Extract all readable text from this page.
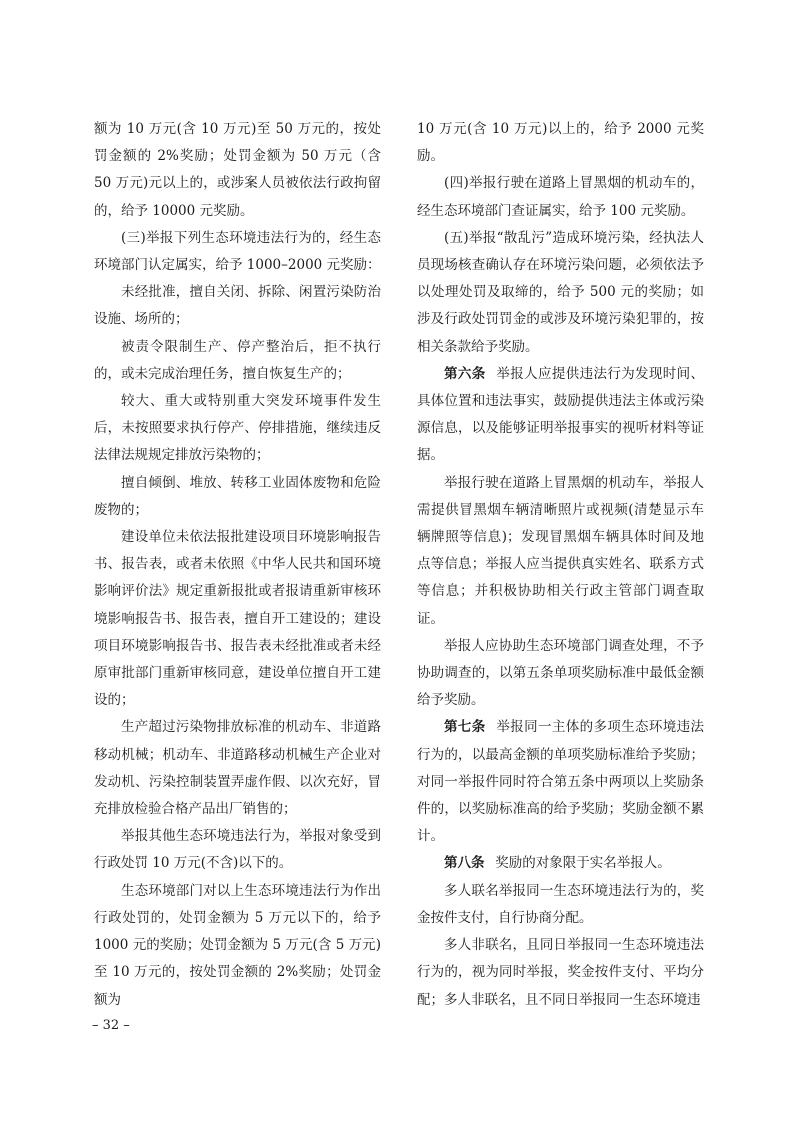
额为 10 万元(含 10 万元)至 50 万元的，按处罚金额的 2%奖励；处罚金额为 50 万元（含 50 万元)元以上的，或涉案人员被依法行政拘留的，给予 10000 元奖励。

(三)举报下列生态环境违法行为的，经生态环境部门认定属实，给予 1000–2000 元奖励：

未经批准，擅自关闭、拆除、闲置污染防治设施、场所的；

被责令限制生产、停产整治后，拒不执行的，或未完成治理任务，擅自恢复生产的；

较大、重大或特别重大突发环境事件发生后，未按照要求执行停产、停排措施，继续违反法律法规规定排放污染物的；

擅自倾倒、堆放、转移工业固体废物和危险废物的；

建设单位未依法报批建设项目环境影响报告书、报告表，或者未依照《中华人民共和国环境影响评价法》规定重新报批或者报请重新审核环境影响报告书、报告表，擅自开工建设的；建设项目环境影响报告书、报告表未经批准或者未经原审批部门重新审核同意，建设单位擅自开工建设的；

生产超过污染物排放标准的机动车、非道路移动机械；机动车、非道路移动机械生产企业对发动机、污染控制装置弄虚作假、以次充好，冒充排放检验合格产品出厂销售的；

举报其他生态环境违法行为，举报对象受到行政处罚 10 万元(不含)以下的。

生态环境部门对以上生态环境违法行为作出行政处罚的，处罚金额为 5 万元以下的，给予 1000 元的奖励；处罚金额为 5 万元(含 5 万元)至 10 万元的，按处罚金额的 2%奖励；处罚金额为

10 万元(含 10 万元)以上的，给予 2000 元奖励。

(四)举报行驶在道路上冒黑烟的机动车的，经生态环境部门查证属实，给予 100 元奖励。

(五)举报“散乱污”造成环境污染，经执法人员现场核查确认存在环境污染问题，必须依法予以处理处罚及取缔的，给予 500 元的奖励；如涉及行政处罚罚金的或涉及环境污染犯罪的，按相关条款给予奖励。

第六条 举报人应提供违法行为发现时间、具体位置和违法事实，鼓励提供违法主体或污染源信息，以及能够证明举报事实的视听材料等证据。

举报行驶在道路上冒黑烟的机动车，举报人需提供冒黑烟车辆清晰照片或视频(清楚显示车辆牌照等信息)；发现冒黑烟车辆具体时间及地点等信息；举报人应当提供真实姓名、联系方式等信息；并积极协助相关行政主管部门调查取证。

举报人应协助生态环境部门调查处理，不予协助调查的，以第五条单项奖励标准中最低金额给予奖励。

第七条 举报同一主体的多项生态环境违法行为的，以最高金额的单项奖励标准给予奖励；对同一举报件同时符合第五条中两项以上奖励条件的，以奖励标准高的给予奖励；奖励金额不累计。

第八条 奖励的对象限于实名举报人。

多人联名举报同一生态环境违法行为的，奖金按件支付，自行协商分配。

多人非联名，且同日举报同一生态环境违法行为的，视为同时举报，奖金按件支付、平均分配；多人非联名，且不同日举报同一生态环境违

– 32 –
